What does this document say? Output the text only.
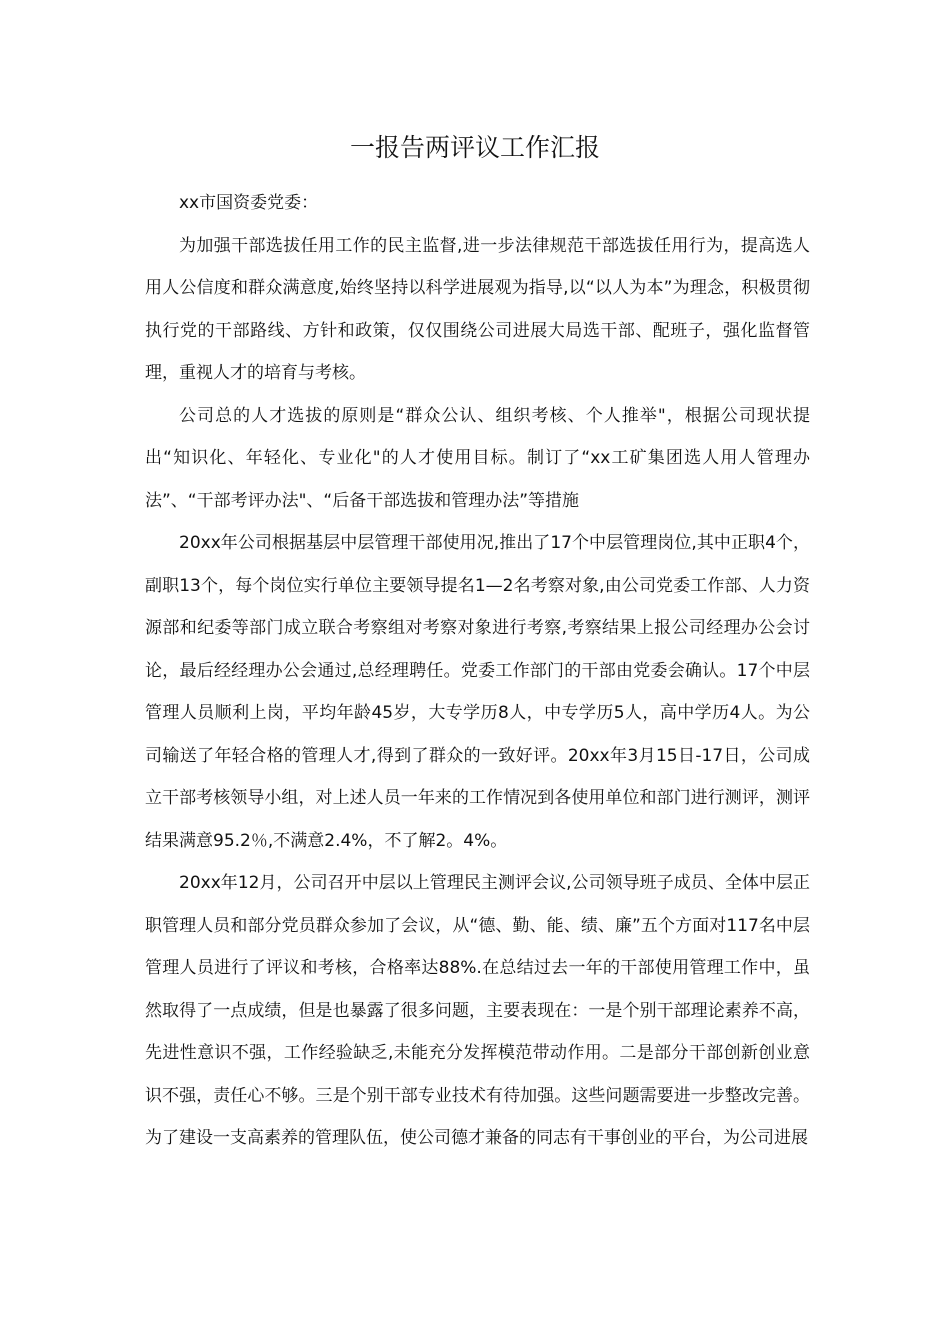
一报告两评议工作汇报

xx市国资委党委：

为加强干部选拔任用工作的民主监督,进一步法律规范干部选拔任用行为，提高选人用人公信度和群众满意度,始终坚持以科学进展观为指导,以“以人为本”为理念，积极贯彻执行党的干部路线、方针和政策，仅仅围绕公司进展大局选干部、配班子，强化监督管理，重视人才的培育与考核。

公司总的人才选拔的原则是“群众公认、组织考核、个人推举"，根据公司现状提出“知识化、年轻化、专业化"的人才使用目标。制订了“xx工矿集团选人用人管理办法”、“干部考评办法"、“后备干部选拔和管理办法”等措施

20xx年公司根据基层中层管理干部使用况,推出了17个中层管理岗位,其中正职4个，副职13个，每个岗位实行单位主要领导提名1—2名考察对象,由公司党委工作部、人力资源部和纪委等部门成立联合考察组对考察对象进行考察,考察结果上报公司经理办公会讨论，最后经经理办公会通过,总经理聘任。党委工作部门的干部由党委会确认。17个中层管理人员顺利上岗，平均年龄45岁，大专学历8人，中专学历5人，高中学历4人。为公司输送了年轻合格的管理人才,得到了群众的一致好评。20xx年3月15日-17日，公司成立干部考核领导小组，对上述人员一年来的工作情况到各使用单位和部门进行测评，测评结果满意95.2％,不满意2.4%，不了解2。4%。

20xx年12月，公司召开中层以上管理民主测评会议,公司领导班子成员、全体中层正职管理人员和部分党员群众参加了会议，从“德、勤、能、绩、廉”五个方面对117名中层管理人员进行了评议和考核，合格率达88%.在总结过去一年的干部使用管理工作中，虽然取得了一点成绩，但是也暴露了很多问题，主要表现在：一是个别干部理论素养不高，先进性意识不强，工作经验缺乏,未能充分发挥模范带动作用。二是部分干部创新创业意识不强，责任心不够。三是个别干部专业技术有待加强。这些问题需要进一步整改完善。为了建设一支高素养的管理队伍，使公司德才兼备的同志有干事创业的平台，为公司进展
